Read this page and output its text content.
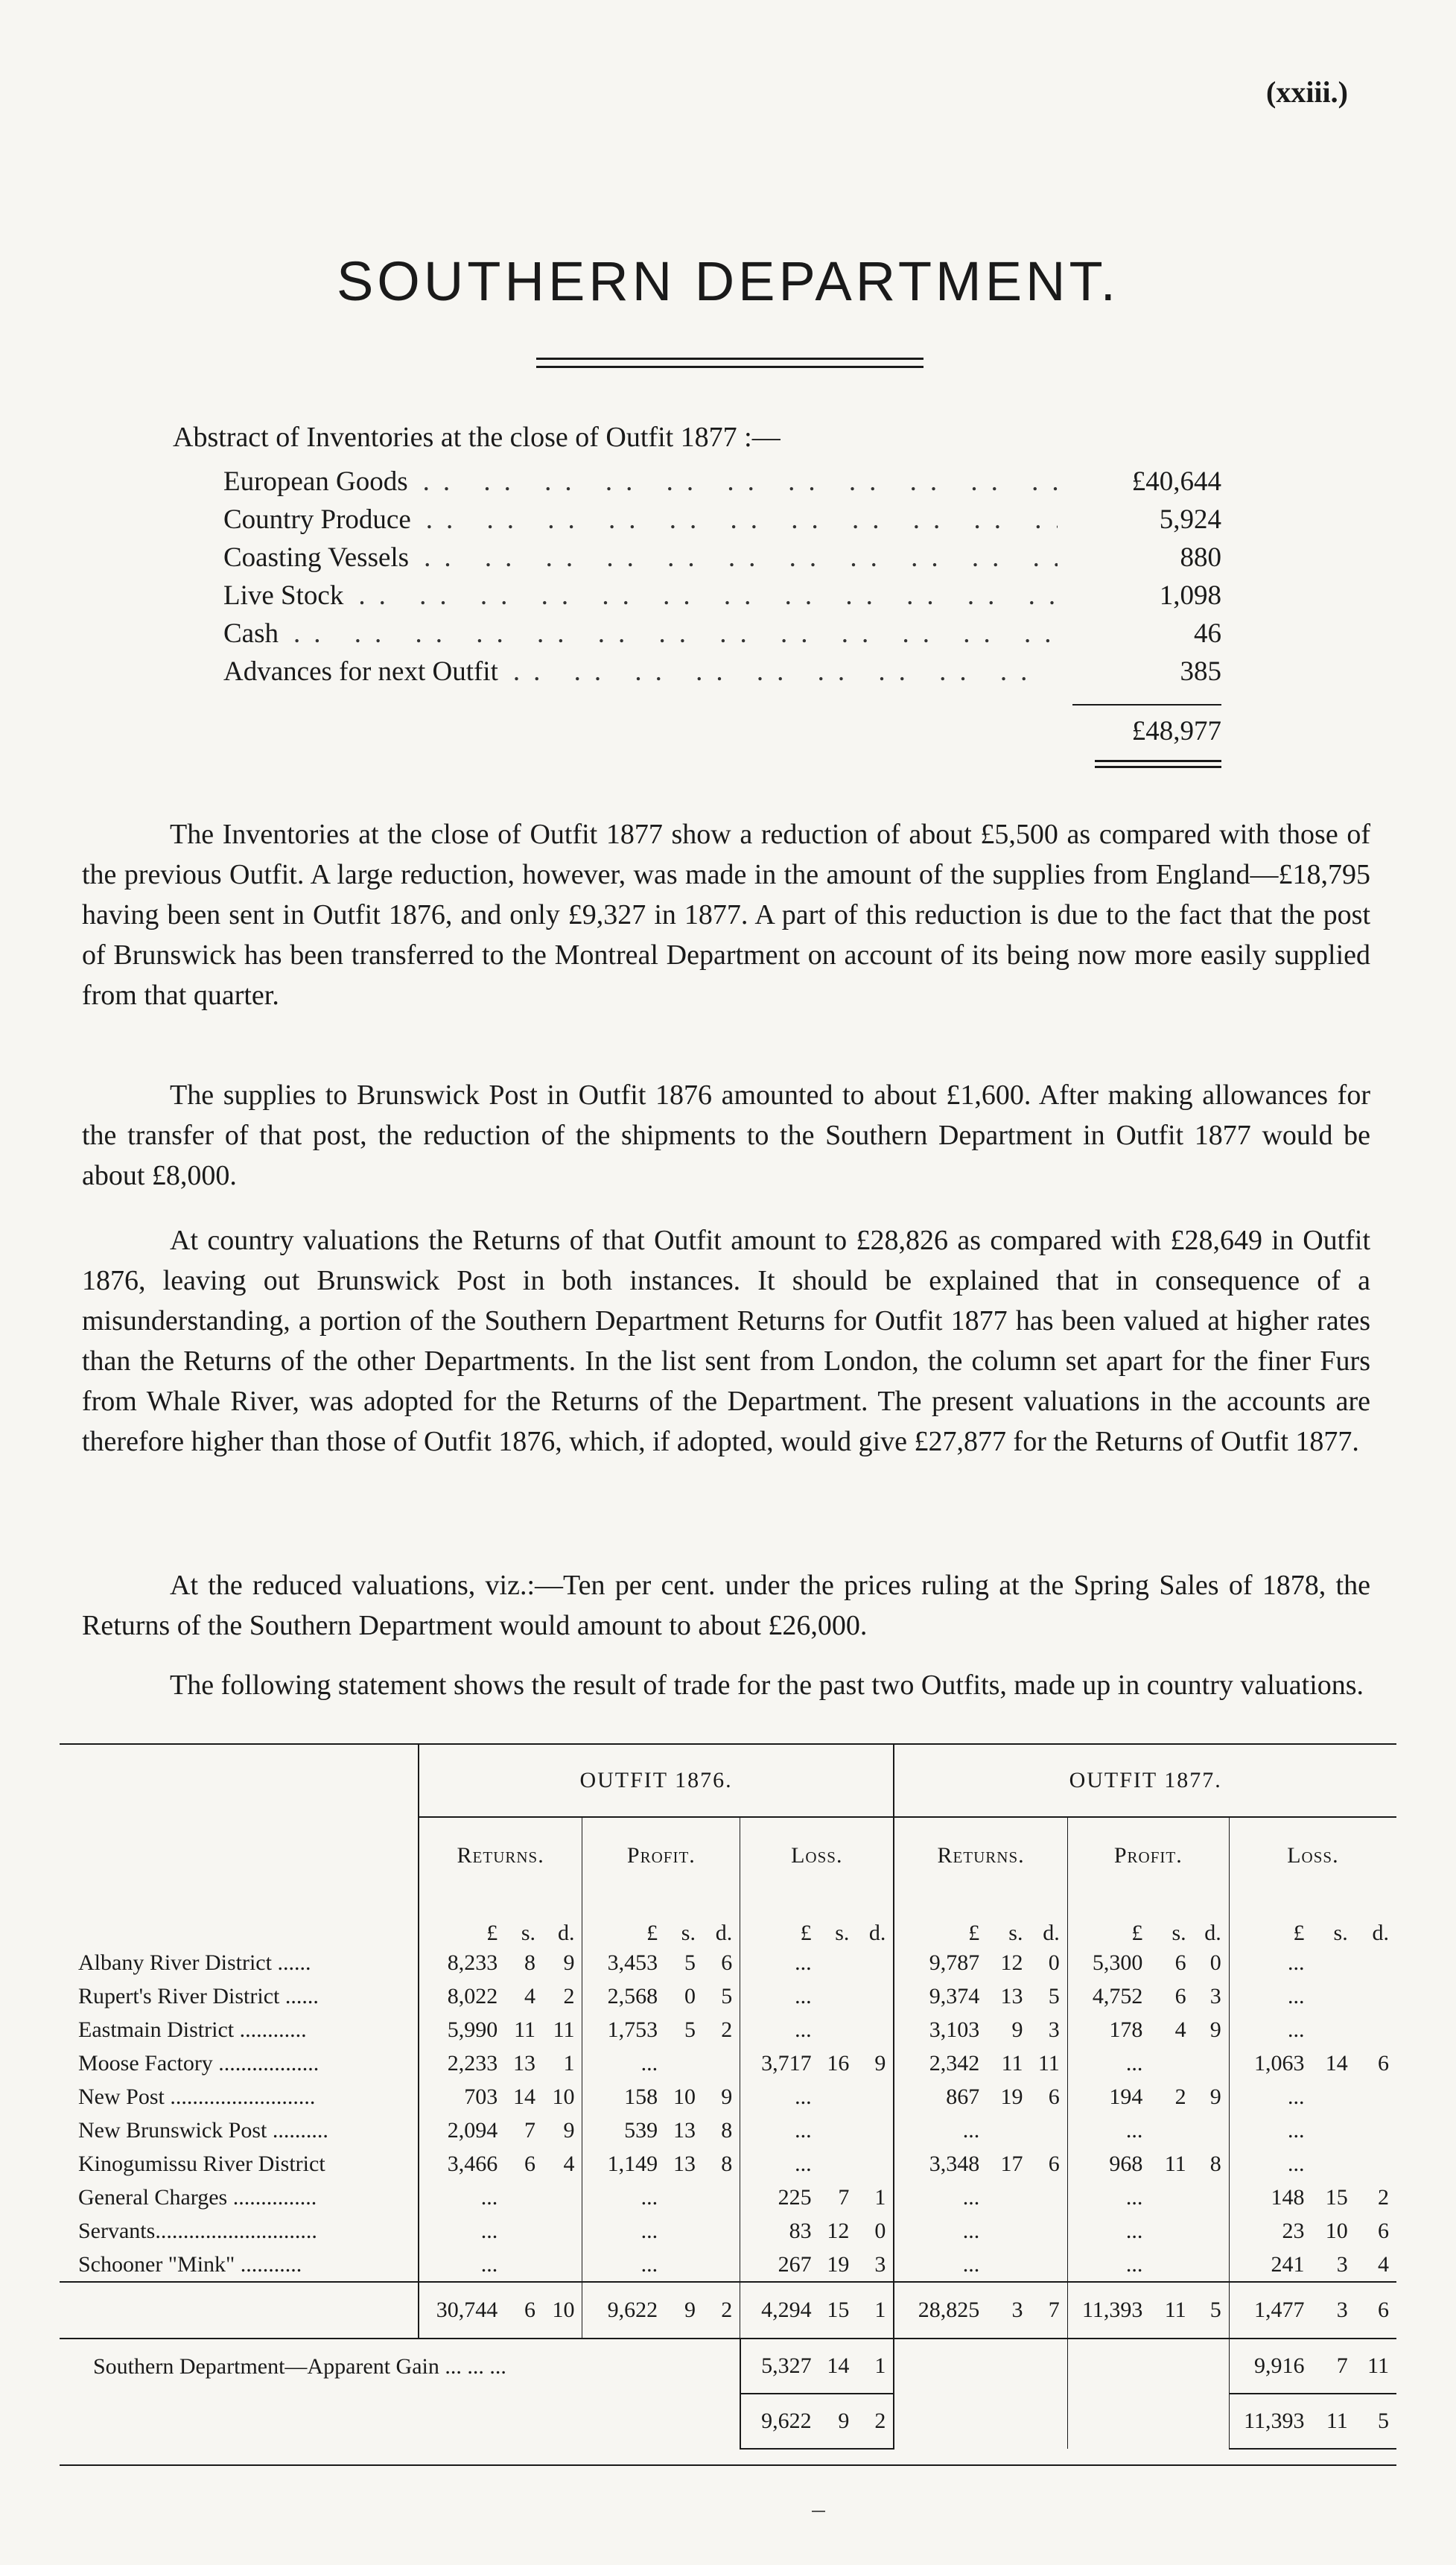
(xxiii.)
SOUTHERN DEPARTMENT.
Abstract of Inventories at the close of Outfit 1877 :—
European Goods .. ..	£40,644
Country Produce .. ..	5,924
Coasting Vessels .. ..	880
Live Stock .. ..	1,098
Cash .. ..	46
Advances for next Outfit .. ..	385
£48,977

The Inventories at the close of Outfit 1877 show a reduction of about £5,500 as compared with those of the previous Outfit. A large reduction, however, was made in the amount of the supplies from England—£18,795 having been sent in Outfit 1876, and only £9,327 in 1877. A part of this reduction is due to the fact that the post of Brunswick has been transferred to the Montreal Department on account of its being now more easily supplied from that quarter.

The supplies to Brunswick Post in Outfit 1876 amounted to about £1,600. After making allowances for the transfer of that post, the reduction of the shipments to the Southern Department in Outfit 1877 would be about £8,000.

At country valuations the Returns of that Outfit amount to £28,826 as compared with £28,649 in Outfit 1876, leaving out Brunswick Post in both instances. It should be explained that in consequence of a misunderstanding, a portion of the Southern Department Returns for Outfit 1877 has been valued at higher rates than the Returns of the other Departments. In the list sent from London, the column set apart for the finer Furs from Whale River, was adopted for the Returns of the Department. The present valuations in the accounts are therefore higher than those of Outfit 1876, which, if adopted, would give £27,877 for the Returns of Outfit 1877.

At the reduced valuations, viz.:—Ten per cent. under the prices ruling at the Spring Sales of 1878, the Returns of the Southern Department would amount to about £26,000.

The following statement shows the result of trade for the past two Outfits, made up in country valuations.

	OUTFIT 1876.									OUTFIT 1877.								
	Returns.			Profit.			Loss.			Returns.			Profit.			Loss.		
	£	s.	d.	£	s.	d.	£	s.	d.	£	s.	d.	£	s.	d.	£	s.	d.
Albany River District ......	8,233	8	9	3,453	5	6	...			9,787	12	0	5,300	6	0	...		
Rupert's River District ......	8,022	4	2	2,568	0	5	...			9,374	13	5	4,752	6	3	...		
Eastmain District ............	5,990	11	11	1,753	5	2	...			3,103	9	3	178	4	9	...		
Moose Factory ..................	2,233	13	1	...			3,717	16	9	2,342	11	11	...			1,063	14	6
New Post ..........................	703	14	10	158	10	9	...			867	19	6	194	2	9	...		
New Brunswick Post ..........	2,094	7	9	539	13	8	...			...			...			...		
Kinogumissu River District	3,466	6	4	1,149	13	8	...			3,348	17	6	968	11	8	...		
General Charges ...............	...			...			225	7	1	...			...			148	15	2
Servants.............................	...			...			83	12	0	...			...			23	10	6
Schooner "Mink" ...........	...			...			267	19	3	...			...			241	3	4
	30,744	6	10	9,622	9	2	4,294	15	1	28,825	3	7	11,393	11	5	1,477	3	6
Southern Department—Apparent Gain ... ... ...							5,327	14	1							9,916	7	11
							9,622	9	2							11,393	11	5
